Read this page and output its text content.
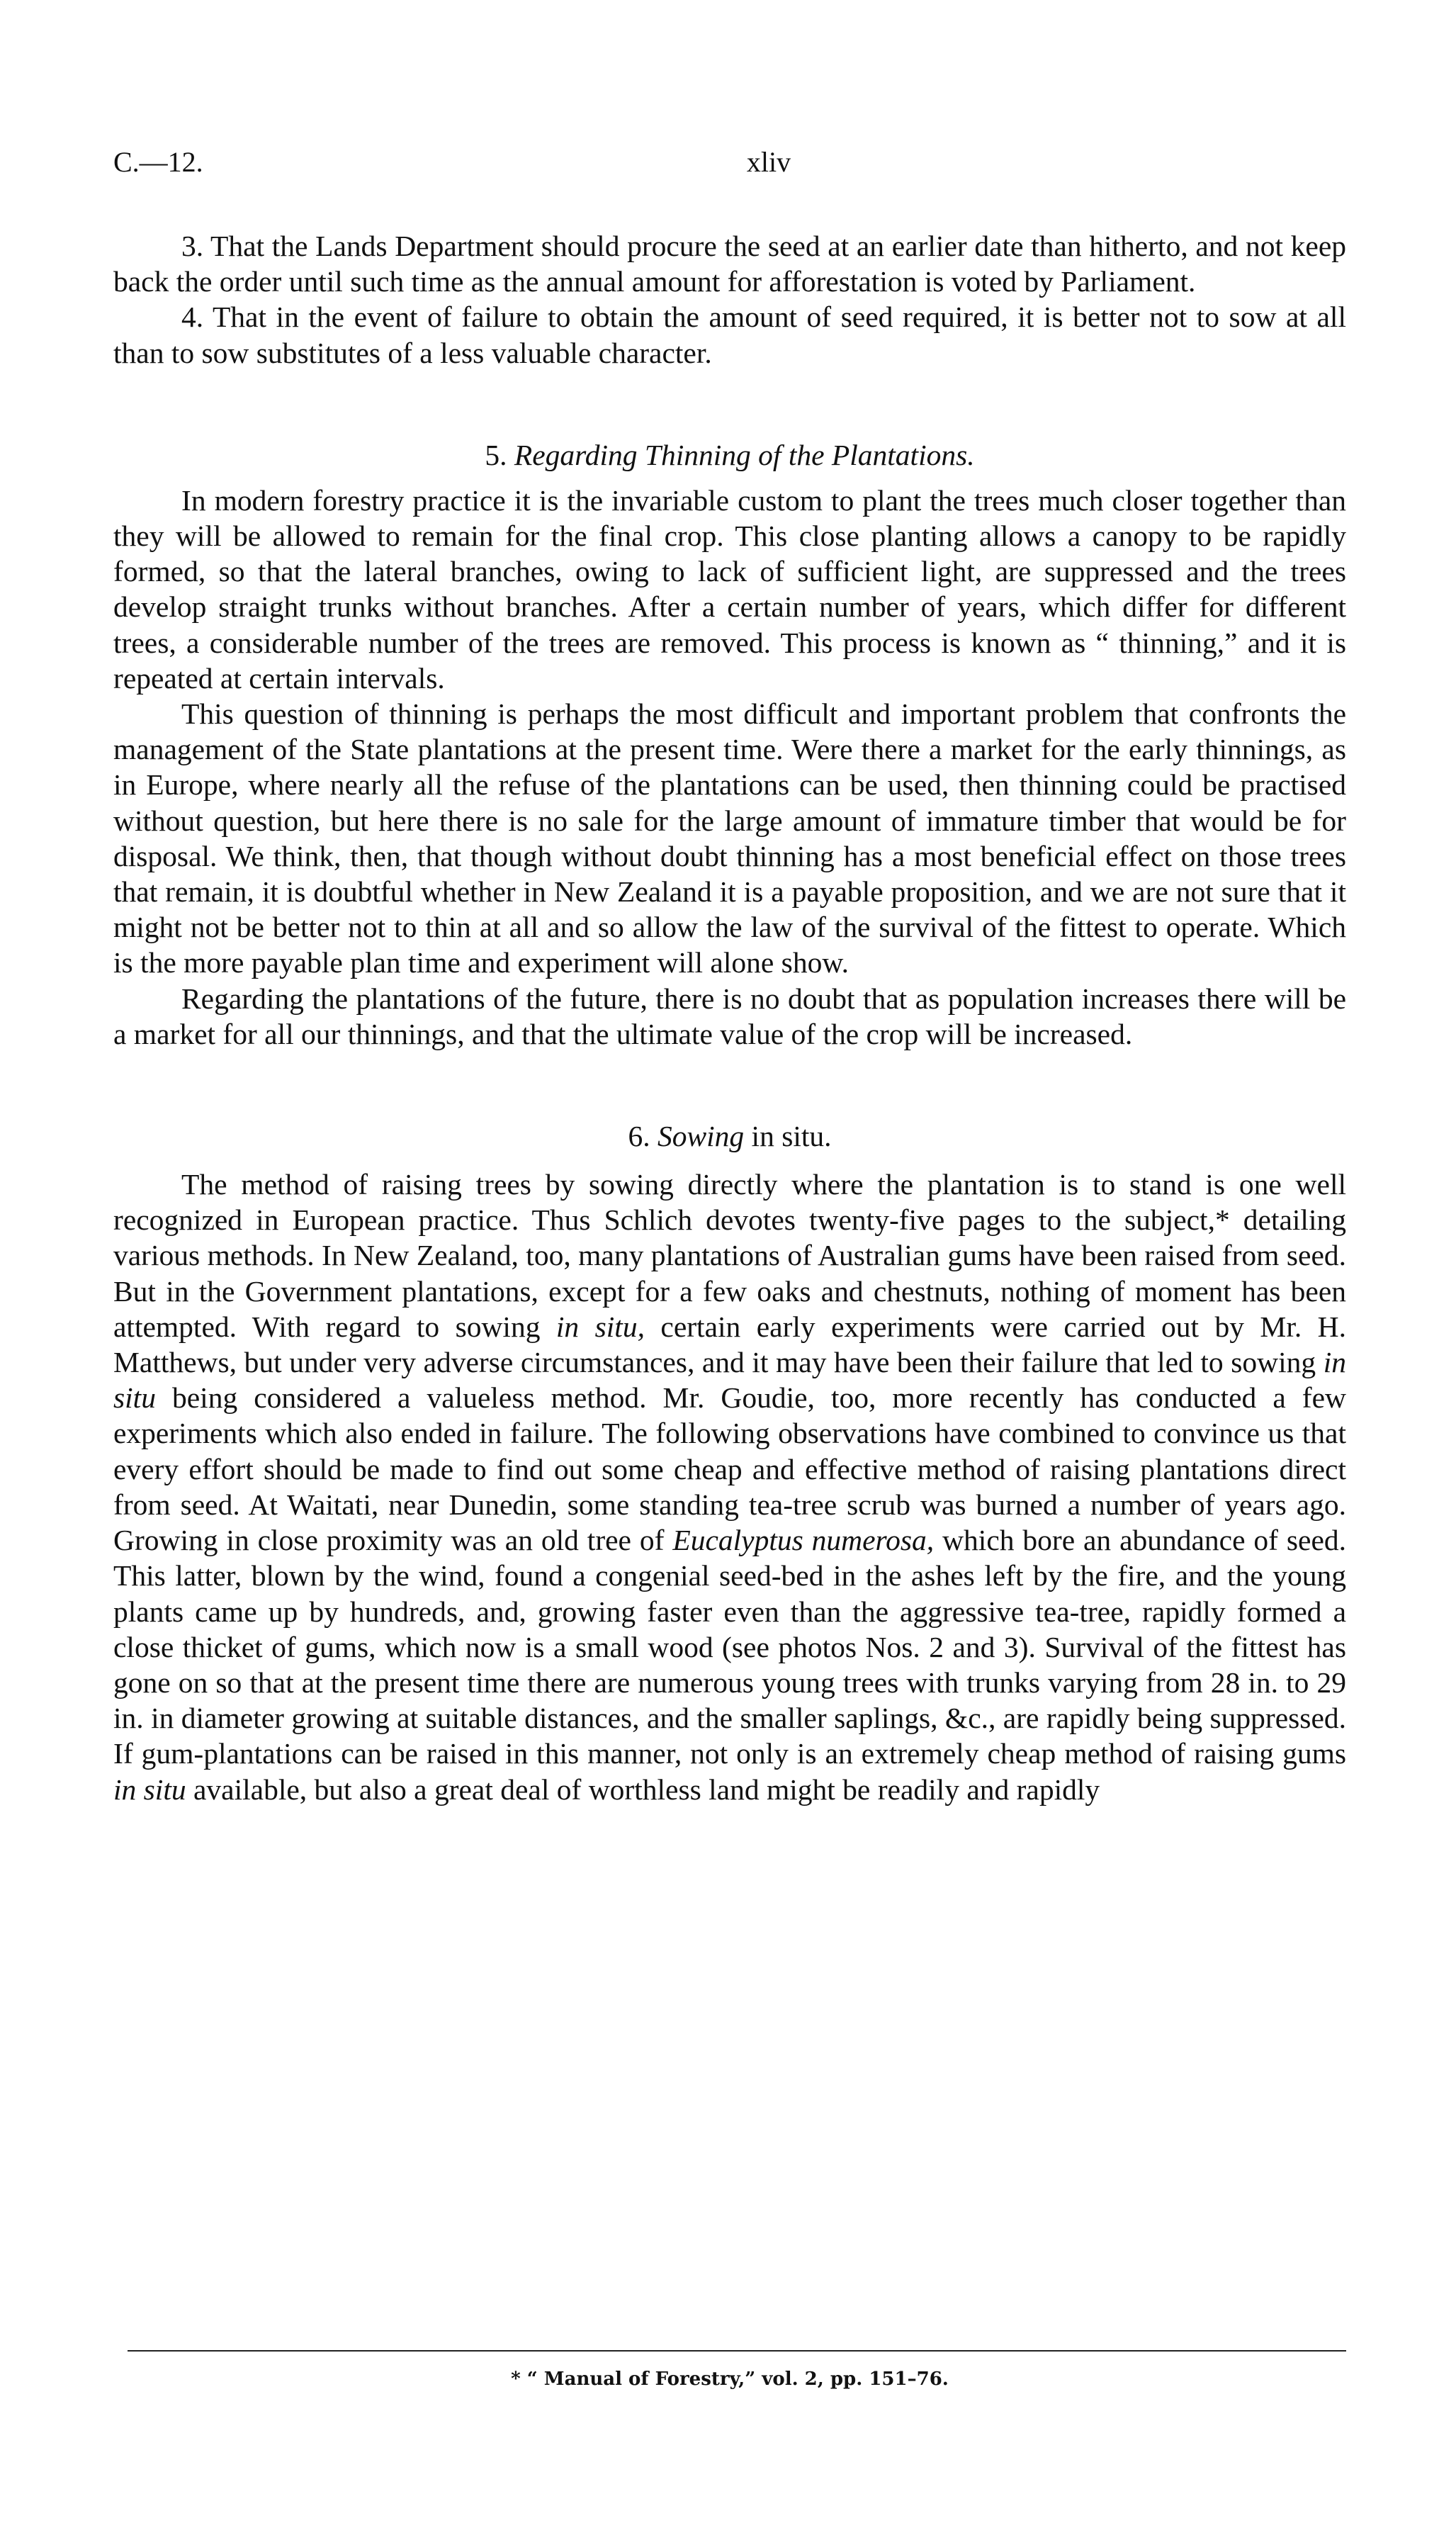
C.—12.	xliv

3. That the Lands Department should procure the seed at an earlier date than hitherto, and not keep back the order until such time as the annual amount for afforestation is voted by Parliament.

4. That in the event of failure to obtain the amount of seed required, it is better not to sow at all than to sow substitutes of a less valuable character.

5. Regarding Thinning of the Plantations.

In modern forestry practice it is the invariable custom to plant the trees much closer together than they will be allowed to remain for the final crop. This close planting allows a canopy to be rapidly formed, so that the lateral branches, owing to lack of sufficient light, are suppressed and the trees develop straight trunks without branches. After a certain number of years, which differ for different trees, a considerable number of the trees are removed. This process is known as “ thinning,” and it is repeated at certain intervals.

This question of thinning is perhaps the most difficult and important problem that confronts the management of the State plantations at the present time. Were there a market for the early thinnings, as in Europe, where nearly all the refuse of the plantations can be used, then thinning could be practised without question, but here there is no sale for the large amount of immature timber that would be for disposal. We think, then, that though without doubt thinning has a most beneficial effect on those trees that remain, it is doubtful whether in New Zealand it is a payable proposition, and we are not sure that it might not be better not to thin at all and so allow the law of the survival of the fittest to operate. Which is the more payable plan time and experiment will alone show.

Regarding the plantations of the future, there is no doubt that as population increases there will be a market for all our thinnings, and that the ultimate value of the crop will be increased.

6. Sowing in situ.

The method of raising trees by sowing directly where the plantation is to stand is one well recognized in European practice. Thus Schlich devotes twenty-five pages to the subject,* detailing various methods. In New Zealand, too, many plantations of Australian gums have been raised from seed. But in the Government plantations, except for a few oaks and chestnuts, nothing of moment has been attempted. With regard to sowing in situ, certain early experiments were carried out by Mr. H. Matthews, but under very adverse circumstances, and it may have been their failure that led to sowing in situ being considered a valueless method. Mr. Goudie, too, more recently has conducted a few experiments which also ended in failure. The following observations have combined to convince us that every effort should be made to find out some cheap and effective method of raising plantations direct from seed. At Waitati, near Dunedin, some standing tea-tree scrub was burned a number of years ago. Growing in close proximity was an old tree of Eucalyptus numerosa, which bore an abundance of seed. This latter, blown by the wind, found a congenial seed-bed in the ashes left by the fire, and the young plants came up by hundreds, and, growing faster even than the aggressive tea-tree, rapidly formed a close thicket of gums, which now is a small wood (see photos Nos. 2 and 3). Survival of the fittest has gone on so that at the present time there are numerous young trees with trunks varying from 28 in. to 29 in. in diameter growing at suitable distances, and the smaller saplings, &c., are rapidly being suppressed. If gum-plantations can be raised in this manner, not only is an extremely cheap method of raising gums in situ available, but also a great deal of worthless land might be readily and rapidly

* “ Manual of Forestry,” vol. 2, pp. 151–76.
